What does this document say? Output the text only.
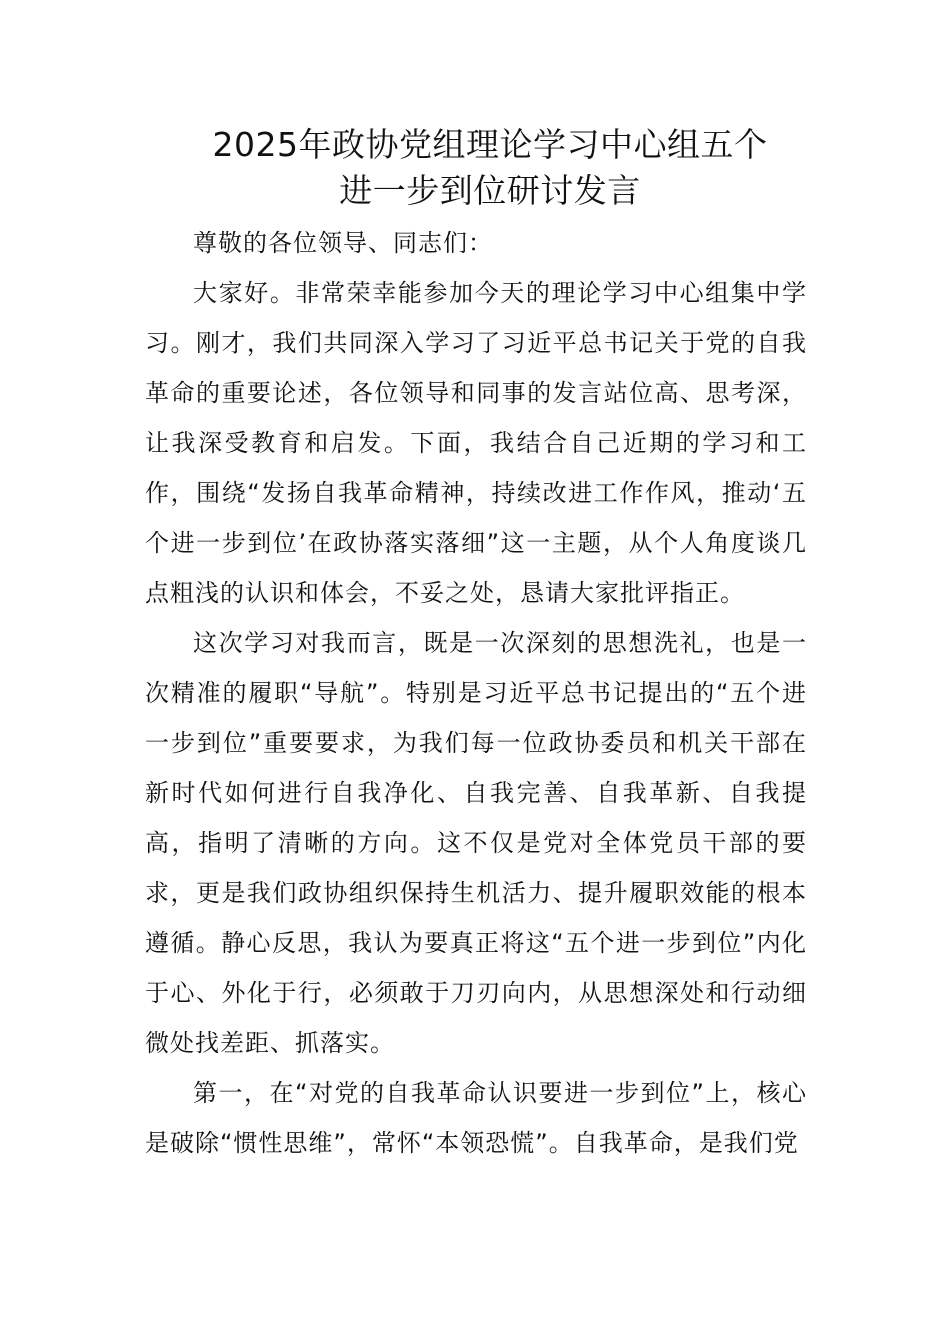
2025年政协党组理论学习中心组五个
进一步到位研讨发言

尊敬的各位领导、同志们：

大家好。非常荣幸能参加今天的理论学习中心组集中学习。刚才，我们共同深入学习了习近平总书记关于党的自我革命的重要论述，各位领导和同事的发言站位高、思考深，让我深受教育和启发。下面，我结合自己近期的学习和工作，围绕“发扬自我革命精神，持续改进工作作风，推动‘五个进一步到位’在政协落实落细”这一主题，从个人角度谈几点粗浅的认识和体会，不妥之处，恳请大家批评指正。

这次学习对我而言，既是一次深刻的思想洗礼，也是一次精准的履职“导航”。特别是习近平总书记提出的“五个进一步到位”重要要求，为我们每一位政协委员和机关干部在新时代如何进行自我净化、自我完善、自我革新、自我提高，指明了清晰的方向。这不仅是党对全体党员干部的要求，更是我们政协组织保持生机活力、提升履职效能的根本遵循。静心反思，我认为要真正将这“五个进一步到位”内化于心、外化于行，必须敢于刀刃向内，从思想深处和行动细微处找差距、抓落实。

第一，在“对党的自我革命认识要进一步到位”上，核心是破除“惯性思维”，常怀“本领恐慌”。自我革命，是我们党
